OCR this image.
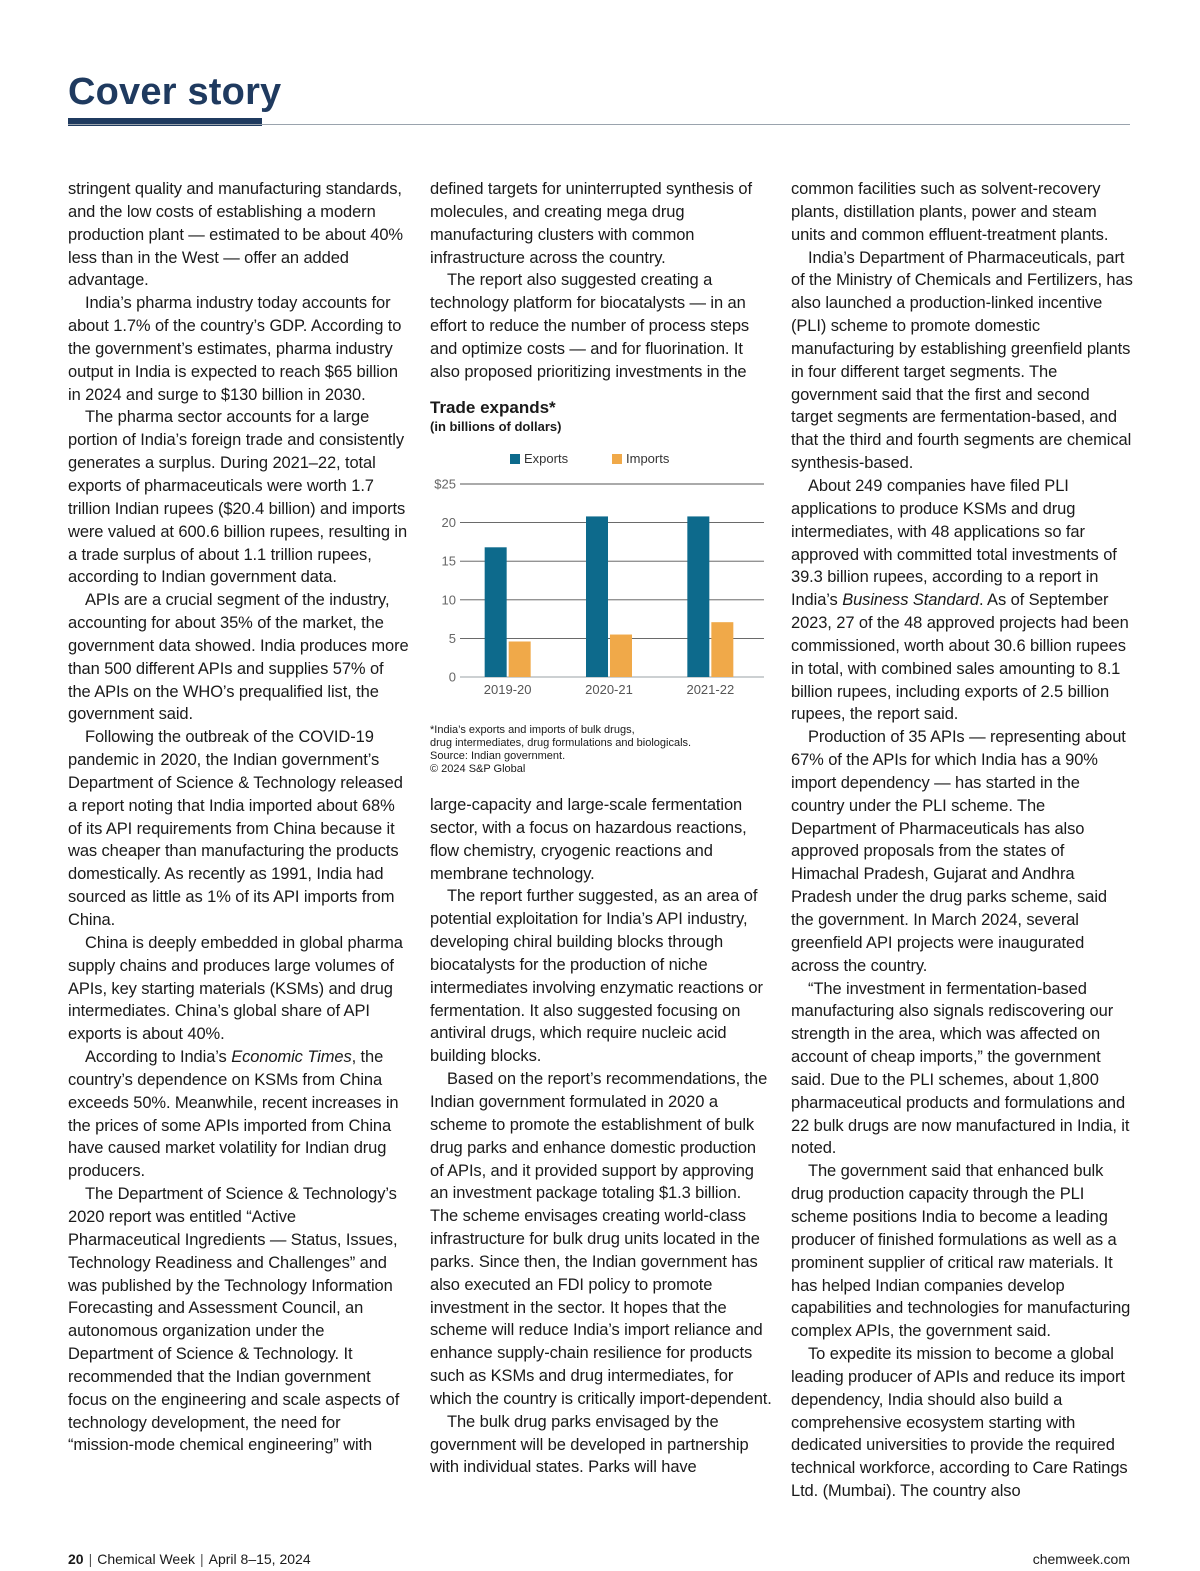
Cover story

stringent quality and manufacturing standards, and the low costs of establishing a modern production plant — estimated to be about 40% less than in the West — offer an added advantage.

India’s pharma industry today accounts for about 1.7% of the country’s GDP. According to the government’s estimates, pharma industry output in India is expected to reach $65 billion in 2024 and surge to $130 billion in 2030.

The pharma sector accounts for a large portion of India’s foreign trade and consistently generates a surplus. During 2021–22, total exports of pharmaceuticals were worth 1.7 trillion Indian rupees ($20.4 billion) and imports were valued at 600.6 billion rupees, resulting in a trade surplus of about 1.1 trillion rupees, according to Indian government data.

APIs are a crucial segment of the industry, accounting for about 35% of the market, the government data showed. India produces more than 500 different APIs and supplies 57% of the APIs on the WHO’s prequalified list, the government said.

Following the outbreak of the COVID-19 pandemic in 2020, the Indian government’s Department of Science & Technology released a report noting that India imported about 68% of its API requirements from China because it was cheaper than manufacturing the products domestically. As recently as 1991, India had sourced as little as 1% of its API imports from China.

China is deeply embedded in global pharma supply chains and produces large volumes of APIs, key starting materials (KSMs) and drug intermediates. China’s global share of API exports is about 40%.

According to India’s Economic Times, the country’s dependence on KSMs from China exceeds 50%. Meanwhile, recent increases in the prices of some APIs imported from China have caused market volatility for Indian drug producers.

The Department of Science & Technology’s 2020 report was entitled “Active Pharmaceutical Ingredients — Status, Issues, Technology Readiness and Challenges” and was published by the Technology Information Forecasting and Assessment Council, an autonomous organization under the Department of Science & Technology. It recommended that the Indian government focus on the engineering and scale aspects of technology development, the need for “mission-mode chemical engineering” with

defined targets for uninterrupted synthesis of molecules, and creating mega drug manufacturing clusters with common infrastructure across the country.

The report also suggested creating a technology platform for biocatalysts — in an effort to reduce the number of process steps and optimize costs — and for fluorination. It also proposed prioritizing investments in the

Trade expands*
(in billions of dollars)
Exports	Imports
0
5
10
15
20
$25
2019-20	2020-21	2021-22
*India’s exports and imports of bulk drugs,
drug intermediates, drug formulations and biologicals.
Source: Indian government.
© 2024 S&P Global

large-capacity and large-scale fermentation sector, with a focus on hazardous reactions, flow chemistry, cryogenic reactions and membrane technology.

The report further suggested, as an area of potential exploitation for India’s API industry, developing chiral building blocks through biocatalysts for the production of niche intermediates involving enzymatic reactions or fermentation. It also suggested focusing on antiviral drugs, which require nucleic acid building blocks.

Based on the report’s recommendations, the Indian government formulated in 2020 a scheme to promote the establishment of bulk drug parks and enhance domestic production of APIs, and it provided support by approving an investment package totaling $1.3 billion. The scheme envisages creating world-class infrastructure for bulk drug units located in the parks. Since then, the Indian government has also executed an FDI policy to promote investment in the sector. It hopes that the scheme will reduce India’s import reliance and enhance supply-chain resilience for products such as KSMs and drug intermediates, for which the country is critically import-dependent.

The bulk drug parks envisaged by the government will be developed in partnership with individual states. Parks will have

common facilities such as solvent-recovery plants, distillation plants, power and steam units and common effluent-treatment plants.

India’s Department of Pharmaceuticals, part of the Ministry of Chemicals and Fertilizers, has also launched a production-linked incentive (PLI) scheme to promote domestic manufacturing by establishing greenfield plants in four different target segments. The government said that the first and second target segments are fermentation-based, and that the third and fourth segments are chemical synthesis-based.

About 249 companies have filed PLI applications to produce KSMs and drug intermediates, with 48 applications so far approved with committed total investments of 39.3 billion rupees, according to a report in India’s Business Standard. As of September 2023, 27 of the 48 approved projects had been commissioned, worth about 30.6 billion rupees in total, with combined sales amounting to 8.1 billion rupees, including exports of 2.5 billion rupees, the report said.

Production of 35 APIs — representing about 67% of the APIs for which India has a 90% import dependency — has started in the country under the PLI scheme. The Department of Pharmaceuticals has also approved proposals from the states of Himachal Pradesh, Gujarat and Andhra Pradesh under the drug parks scheme, said the government. In March 2024, several greenfield API projects were inaugurated across the country.

“The investment in fermentation-based manufacturing also signals rediscovering our strength in the area, which was affected on account of cheap imports,” the government said. Due to the PLI schemes, about 1,800 pharmaceutical products and formulations and 22 bulk drugs are now manufactured in India, it noted.

The government said that enhanced bulk drug production capacity through the PLI scheme positions India to become a leading producer of finished formulations as well as a prominent supplier of critical raw materials. It has helped Indian companies develop capabilities and technologies for manufacturing complex APIs, the government said.

To expedite its mission to become a global leading producer of APIs and reduce its import dependency, India should also build a comprehensive ecosystem starting with dedicated universities to provide the required technical workforce, according to Care Ratings Ltd. (Mumbai). The country also

20 | Chemical Week | April 8–15, 2024	chemweek.com
